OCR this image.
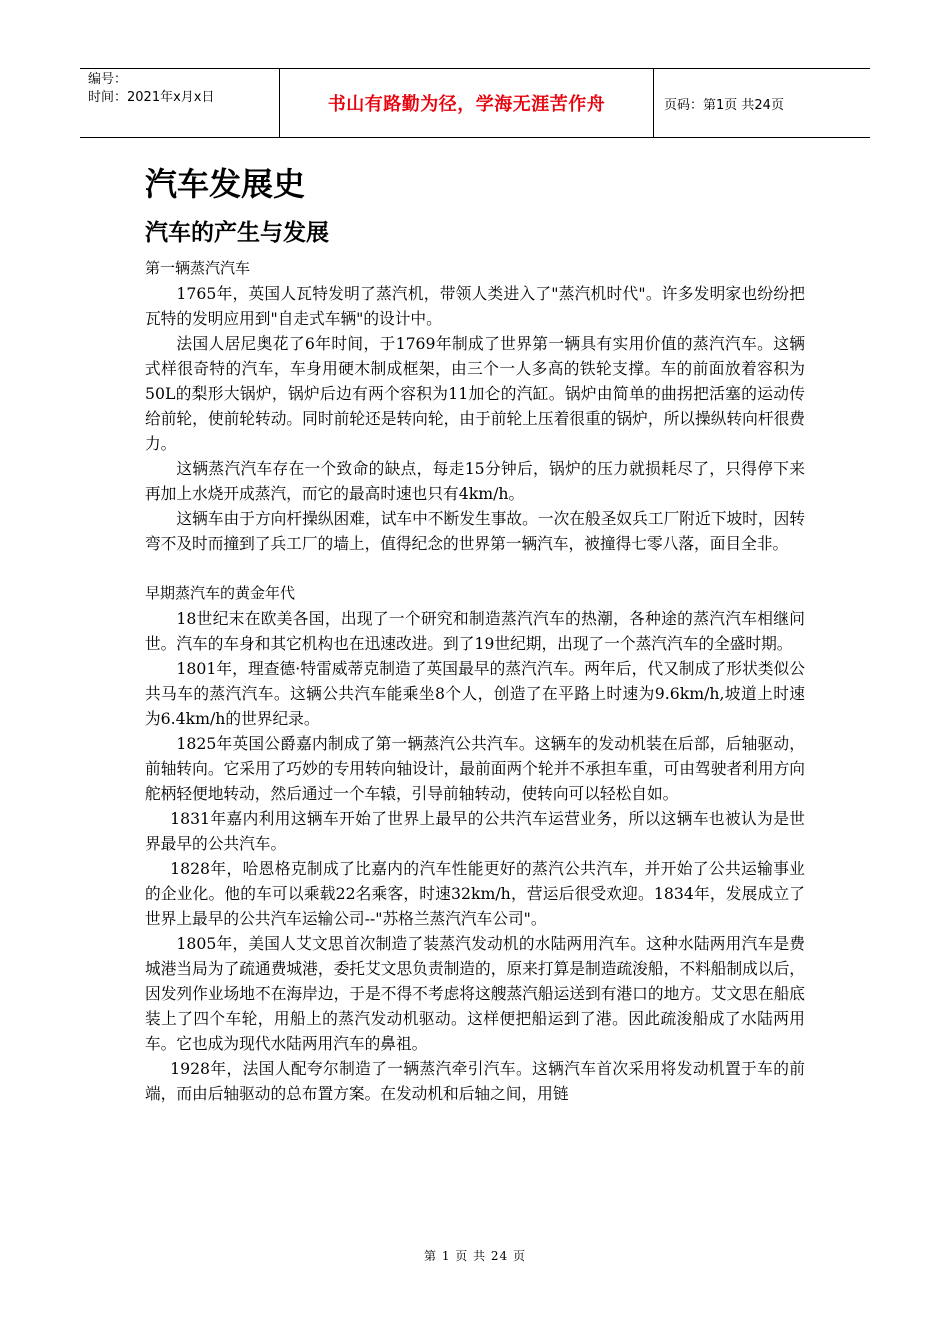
编号：
时间：2021年x月x日	书山有路勤为径，学海无涯苦作舟	页码：第1页 共24页
汽车发展史
汽车的产生与发展
第一辆蒸汽汽车

1765年，英国人瓦特发明了蒸汽机，带领人类进入了"蒸汽机时代"。许多发明家也纷纷把瓦特的发明应用到"自走式车辆"的设计中。

法国人居尼奥花了6年时间，于1769年制成了世界第一辆具有实用价值的蒸汽汽车。这辆式样很奇特的汽车，车身用硬木制成框架，由三个一人多高的铁轮支撑。车的前面放着容积为50L的梨形大锅炉，锅炉后边有两个容积为11加仑的汽缸。锅炉由简单的曲拐把活塞的运动传给前轮，使前轮转动。同时前轮还是转向轮，由于前轮上压着很重的锅炉，所以操纵转向杆很费力。

这辆蒸汽汽车存在一个致命的缺点，每走15分钟后，锅炉的压力就损耗尽了，只得停下来再加上水烧开成蒸汽，而它的最高时速也只有4km/h。

这辆车由于方向杆操纵困难，试车中不断发生事故。一次在般圣奴兵工厂附近下坡时，因转弯不及时而撞到了兵工厂的墙上，值得纪念的世界第一辆汽车，被撞得七零八落，面目全非。

早期蒸汽车的黄金年代

18世纪末在欧美各国，出现了一个研究和制造蒸汽汽车的热潮，各种途的蒸汽汽车相继问世。汽车的车身和其它机构也在迅速改进。到了19世纪期，出现了一个蒸汽汽车的全盛时期。

1801年，理查德·特雷威蒂克制造了英国最早的蒸汽汽车。两年后，代又制成了形状类似公共马车的蒸汽汽车。这辆公共汽车能乘坐8个人，创造了在平路上时速为9.6km/h,坡道上时速为6.4km/h的世界纪录。

1825年英国公爵嘉内制成了第一辆蒸汽公共汽车。这辆车的发动机装在后部，后轴驱动，前轴转向。它采用了巧妙的专用转向轴设计，最前面两个轮并不承担车重，可由驾驶者利用方向舵柄轻便地转动，然后通过一个车辕，引导前轴转动，使转向可以轻松自如。

1831年嘉内利用这辆车开始了世界上最早的公共汽车运营业务，所以这辆车也被认为是世界最早的公共汽车。

1828年，哈恩格克制成了比嘉内的汽车性能更好的蒸汽公共汽车，并开始了公共运输事业的企业化。他的车可以乘载22名乘客，时速32km/h，营运后很受欢迎。1834年，发展成立了世界上最早的公共汽车运输公司--"苏格兰蒸汽汽车公司"。

1805年，美国人艾文思首次制造了装蒸汽发动机的水陆两用汽车。这种水陆两用汽车是费城港当局为了疏通费城港，委托艾文思负责制造的，原来打算是制造疏浚船，不料船制成以后，因发列作业场地不在海岸边，于是不得不考虑将这艘蒸汽船运送到有港口的地方。艾文思在船底装上了四个车轮，用船上的蒸汽发动机驱动。这样便把船运到了港。因此疏浚船成了水陆两用车。它也成为现代水陆两用汽车的鼻祖。

1928年，法国人配夸尔制造了一辆蒸汽牵引汽车。这辆汽车首次采用将发动机置于车的前端，而由后轴驱动的总布置方案。在发动机和后轴之间，用链

第 1 页 共 24 页
